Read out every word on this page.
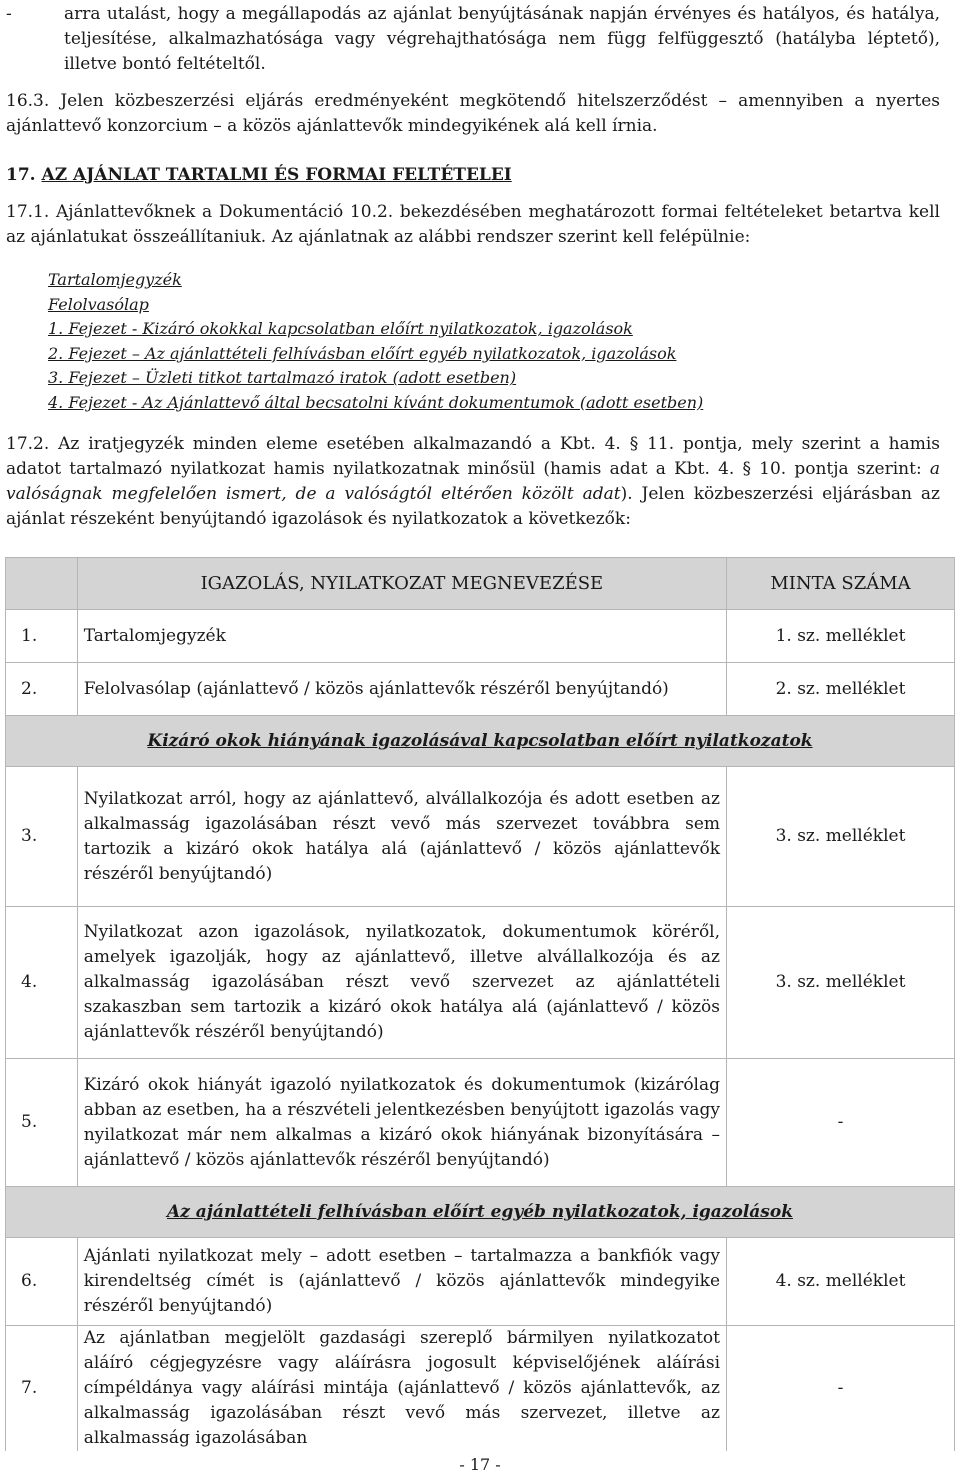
-	arra utalást, hogy a megállapodás az ajánlat benyújtásának napján érvényes és hatályos, és hatálya, teljesítése, alkalmazhatósága vagy végrehajthatósága nem függ felfüggesztő (hatályba léptető), illetve bontó feltételtől.
16.3. Jelen közbeszerzési eljárás eredményeként megkötendő hitelszerződést – amennyiben a nyertes ajánlattevő konzorcium – a közös ajánlattevők mindegyikének alá kell írnia.
17. AZ AJÁNLAT TARTALMI ÉS FORMAI FELTÉTELEI
17.1. Ajánlattevőknek a Dokumentáció 10.2. bekezdésében meghatározott formai feltételeket betartva kell az ajánlatukat összeállítaniuk. Az ajánlatnak az alábbi rendszer szerint kell felépülnie:
Tartalomjegyzék
Felolvasólap
1. Fejezet - Kizáró okokkal kapcsolatban előírt nyilatkozatok, igazolások
2. Fejezet – Az ajánlattételi felhívásban előírt egyéb nyilatkozatok, igazolások
3. Fejezet – Üzleti titkot tartalmazó iratok (adott esetben)
4. Fejezet - Az Ajánlattevő által becsatolni kívánt dokumentumok (adott esetben)
17.2. Az iratjegyzék minden eleme esetében alkalmazandó a Kbt. 4. § 11. pontja, mely szerint a hamis adatot tartalmazó nyilatkozat hamis nyilatkozatnak minősül (hamis adat a Kbt. 4. § 10. pontja szerint: a valóságnak megfelelően ismert, de a valóságtól eltérően közölt adat). Jelen közbeszerzési eljárásban az ajánlat részeként benyújtandó igazolások és nyilatkozatok a következők:
	IGAZOLÁS, NYILATKOZAT MEGNEVEZÉSE	MINTA SZÁMA
1.	Tartalomjegyzék	1. sz. melléklet
2.	Felolvasólap (ajánlattevő / közös ajánlattevők részéről benyújtandó)	2. sz. melléklet
Kizáró okok hiányának igazolásával kapcsolatban előírt nyilatkozatok		
3.	Nyilatkozat arról, hogy az ajánlattevő, alvállalkozója és adott esetben az alkalmasság igazolásában részt vevő más szervezet továbbra sem tartozik a kizáró okok hatálya alá (ajánlattevő / közös ajánlattevők részéről benyújtandó)	3. sz. melléklet
4.	Nyilatkozat azon igazolások, nyilatkozatok, dokumentumok köréről, amelyek igazolják, hogy az ajánlattevő, illetve alvállalkozója és az alkalmasság igazolásában részt vevő szervezet az ajánlattételi szakaszban sem tartozik a kizáró okok hatálya alá (ajánlattevő / közös ajánlattevők részéről benyújtandó)	3. sz. melléklet
5.	Kizáró okok hiányát igazoló nyilatkozatok és dokumentumok (kizárólag abban az esetben, ha a részvételi jelentkezésben benyújtott igazolás vagy nyilatkozat már nem alkalmas a kizáró okok hiányának bizonyítására – ajánlattevő / közös ajánlattevők részéről benyújtandó)	-
Az ajánlattételi felhívásban előírt egyéb nyilatkozatok, igazolások		
6.	Ajánlati nyilatkozat mely – adott esetben – tartalmazza a bankfiók vagy kirendeltség címét is (ajánlattevő / közös ajánlattevők mindegyike részéről benyújtandó)	4. sz. melléklet
7.	Az ajánlatban megjelölt gazdasági szereplő bármilyen nyilatkozatot aláíró cégjegyzésre vagy aláírásra jogosult képviselőjének aláírási címpéldánya vagy aláírási mintája (ajánlattevő / közös ajánlattevők, az alkalmasság igazolásában részt vevő más szervezet, illetve az alkalmasság igazolásában	-
- 17 -
